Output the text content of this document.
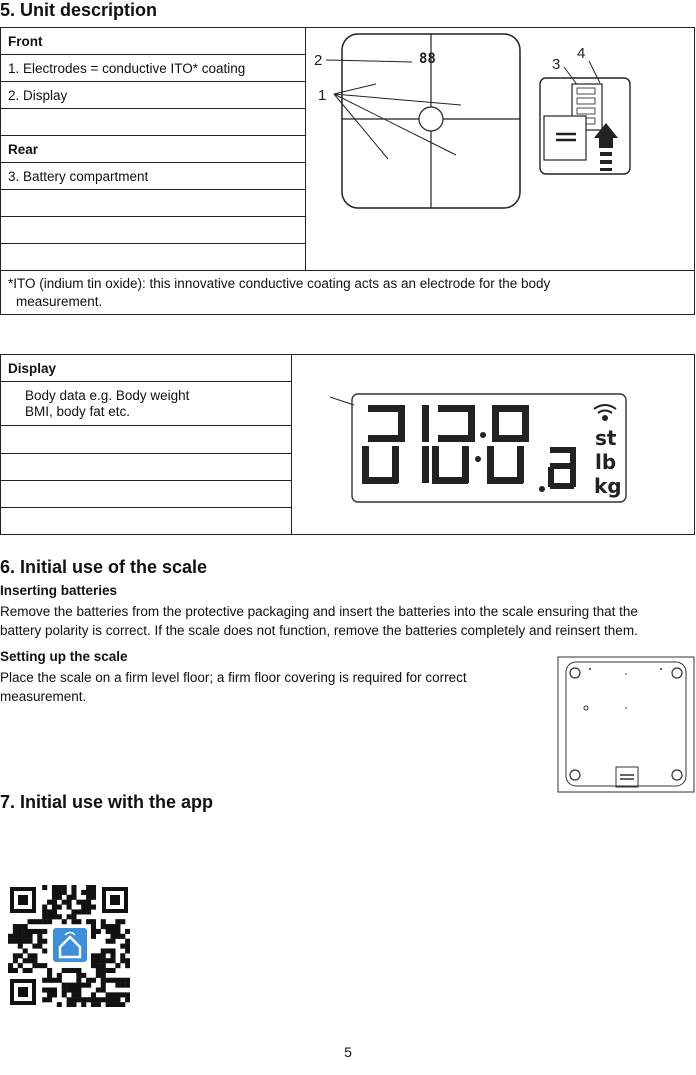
5. Unit description
Front	
88
2
1
3
4

1. Electrodes = conductive ITO* coating
2. Display

Rear
3. Battery compartment

*ITO (indium tin oxide): this innovative conductive coating acts as an electrode for the body
measurement.
Display	
st
lb
kg

Body data e.g. Body weight
BMI, body fat etc.

6. Initial use of the scale
Inserting batteries
Remove the batteries from the protective packaging and insert the batteries into the scale ensuring that the
battery polarity is correct. If the scale does not function, remove the batteries completely and reinsert them.
Setting up the scale
Place the scale on a firm level floor; a firm floor covering is required for correct
measurement.
7. Initial use with the app
5
